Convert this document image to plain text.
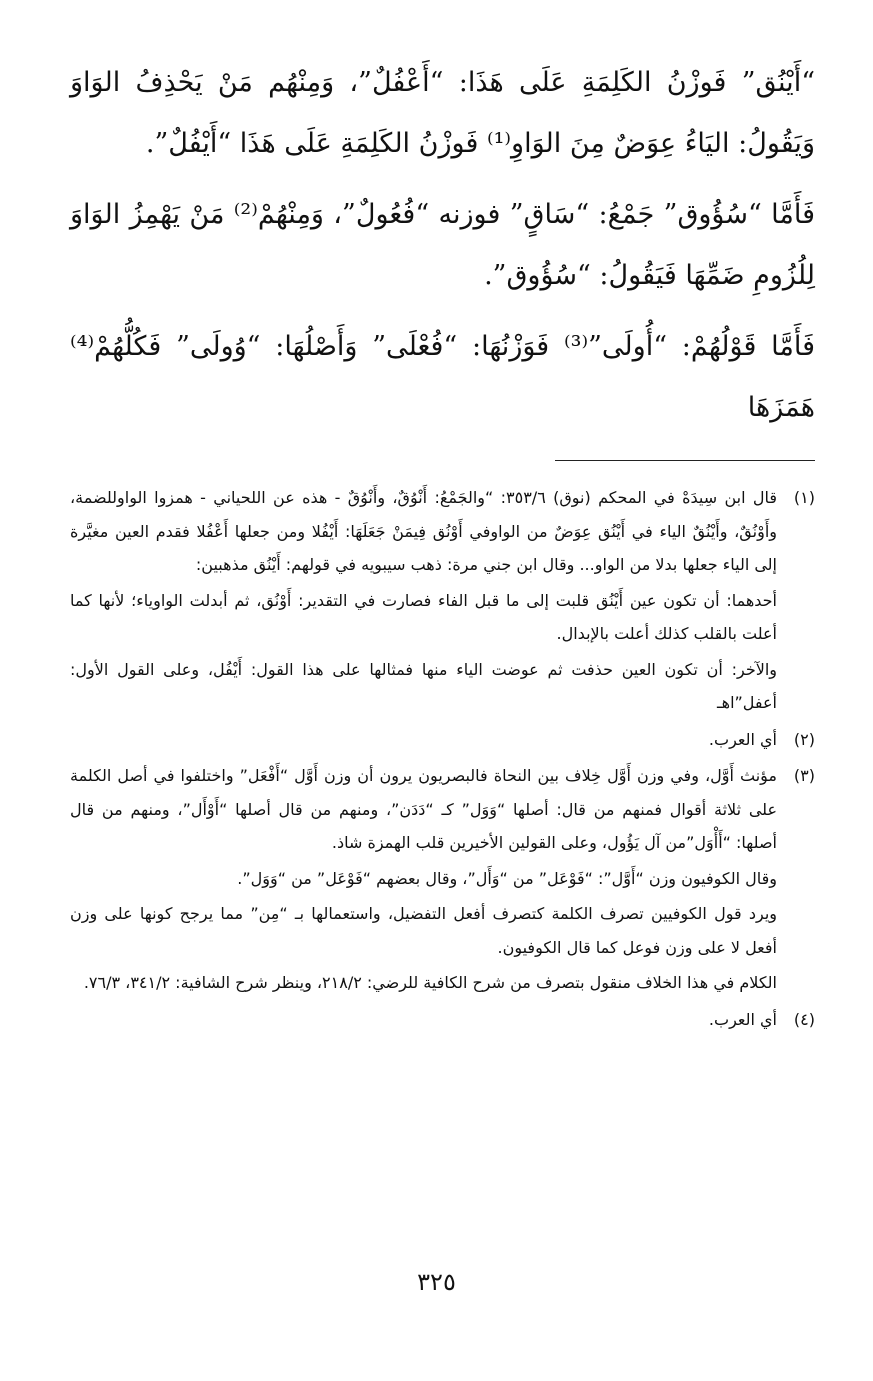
“أَيْنُق” فَوزْنُ الكَلِمَةِ عَلَى هَذَا: “أَعْفُلٌ”، وَمِنْهُم مَنْ يَحْذِفُ الوَاوَ وَيَقُولُ: اليَاءُ عِوَضٌ مِنَ الوَاوِ⁽¹⁾ فَوزْنُ الكَلِمَةِ عَلَى هَذَا “أَيْفُلٌ”.

فَأَمَّا “سُؤُوق” جَمْعُ: “سَاقٍ” فوزنه “فُعُولٌ”، وَمِنْهُمْ⁽²⁾ مَنْ يَهْمِزُ الوَاوَ لِلُزُومِ ضَمِّهَا فَيَقُولُ: “سُؤُوق”.

فَأَمَّا قَوْلُهُمْ: “أُولَى”⁽³⁾ فَوَزْنُهَا: “فُعْلَى” وَأَصْلُهَا: “وُولَى” فَكُلُّهُمْ⁽⁴⁾ هَمَزَهَا

(١)

قال ابن سِيدَهْ في المحكم (نوق) ٣٥٣/٦: “والجَمْعُ: أَنْوُقٌ، وأَنْوُقٌ - هذه عن اللحياني - همزوا الواوللضمة، وأَوْنُقٌ، وأَيْنُقٌ الياء في أَيْنُق عِوَضٌ من الواوفي أَوْنُق فِيمَنْ جَعَلَهَا: أَيْفُلا ومن جعلها أَعْفُلا فقدم العين مغيَّرة إلى الياء جعلها بدلا من الواو... وقال ابن جني مرة: ذهب سيبويه في قولهم: أَيْنُق مذهبين:

أحدهما: أن تكون عين أَيْنُق قلبت إلى ما قبل الفاء فصارت في التقدير: أَوْنُق، ثم أبدلت الواوياء؛ لأنها كما أعلت بالقلب كذلك أعلت بالإبدال.

والآخر: أن تكون العين حذفت ثم عوضت الياء منها فمثالها على هذا القول: أَيْفُل، وعلى القول الأول: أعفل”اهـ

(٢)

أي العرب.

(٣)

مؤنث أَوَّل، وفي وزن أَوَّل خِلاف بين النحاة فالبصريون يرون أن وزن أَوَّل “أَفْعَل” واختلفوا في أصل الكلمة على ثلاثة أقوال فمنهم من قال: أصلها “وَوَل” كـ “دَدَن”، ومنهم من قال أصلها “أَوْأَل”، ومنهم من قال أصلها: “أَأْوَل”من آل يَؤُول، وعلى القولين الأخيرين قلب الهمزة شاذ.

وقال الكوفيون وزن “أَوَّل”: “فَوْعَل” من “وَأَل”، وقال بعضهم “فَوْعَل” من “وَوَل”.

ويرد قول الكوفيين تصرف الكلمة كتصرف أفعل التفضيل، واستعمالها بـ “مِن” مما يرجح كونها على وزن أفعل لا على وزن فوعل كما قال الكوفيون.

الكلام في هذا الخلاف منقول بتصرف من شرح الكافية للرضي: ٢١٨/٢، وينظر شرح الشافية: ٣٤١/٢، ٧٦/٣.

(٤)

أي العرب.

٣٢٥
